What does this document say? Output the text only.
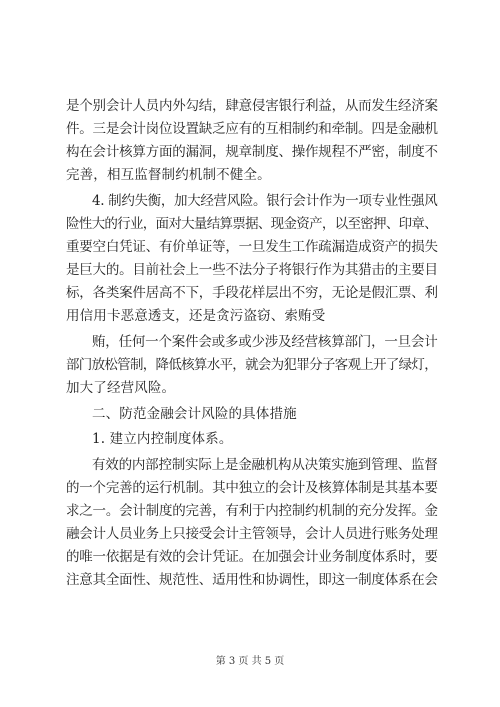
是个别会计人员内外勾结，肆意侵害银行利益，从而发生经济案
件。三是会计岗位设置缺乏应有的互相制约和牵制。四是金融机
构在会计核算方面的漏洞，规章制度、操作规程不严密，制度不
完善，相互监督制约机制不健全。
4. 制约失衡，加大经营风险。银行会计作为一项专业性强风
险性大的行业，面对大量结算票据、现金资产，以至密押、印章、
重要空白凭证、有价单证等，一旦发生工作疏漏造成资产的损失
是巨大的。目前社会上一些不法分子将银行作为其猎击的主要目
标，各类案件居高不下，手段花样层出不穷，无论是假汇票、利
用信用卡恶意透支，还是贪污盗窃、索贿受
贿，任何一个案件会或多或少涉及经营核算部门，一旦会计
部门放松管制，降低核算水平，就会为犯罪分子客观上开了绿灯，
加大了经营风险。
二、防范金融会计风险的具体措施
1. 建立内控制度体系。
有效的内部控制实际上是金融机构从决策实施到管理、监督
的一个完善的运行机制。其中独立的会计及核算体制是其基本要
求之一。会计制度的完善，有利于内控制约机制的充分发挥。金
融会计人员业务上只接受会计主管领导，会计人员进行账务处理
的唯一依据是有效的会计凭证。在加强会计业务制度体系时，要
注意其全面性、规范性、适用性和协调性，即这一制度体系在会
第 3 页 共 5 页
